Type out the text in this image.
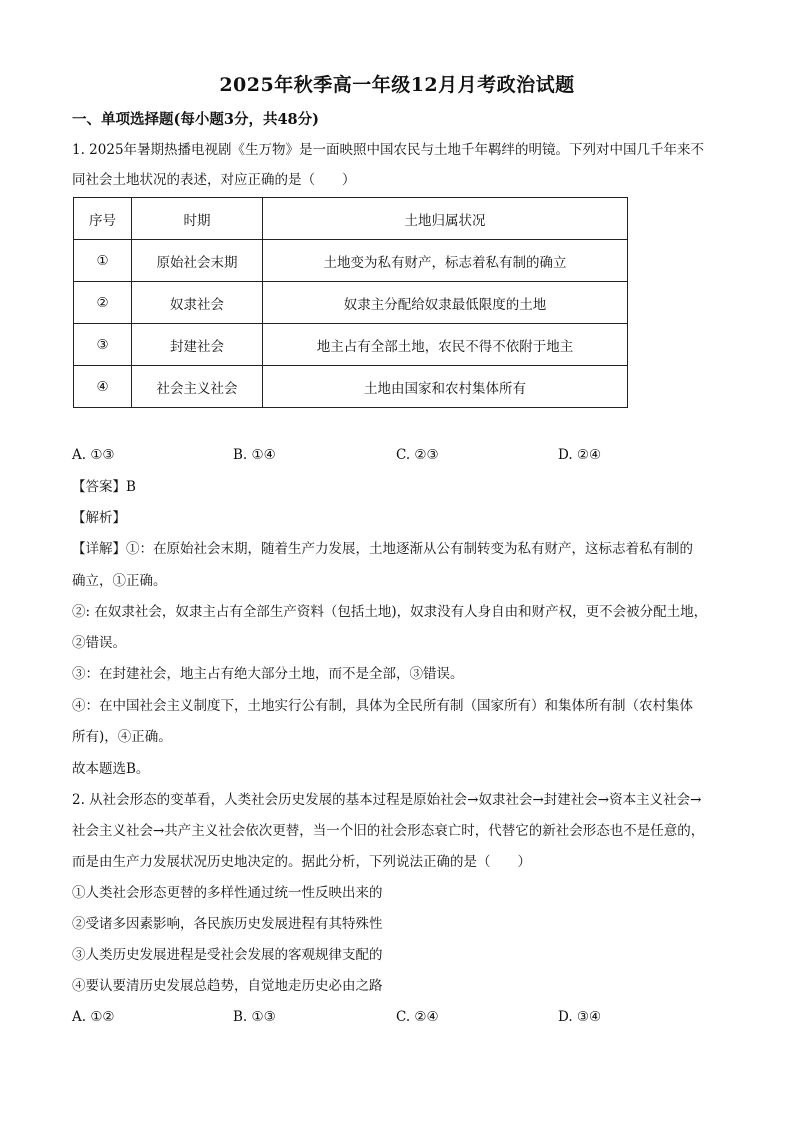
2025年秋季高一年级12月月考政治试题
一、单项选择题(每小题3分，共48分)
1. 2025年暑期热播电视剧《生万物》是一面映照中国农民与土地千年羁绊的明镜。下列对中国几千年来不
同社会土地状况的表述，对应正确的是（　　）
序号	时期	土地归属状况
①	原始社会末期	土地变为私有财产，标志着私有制的确立
②	奴隶社会	奴隶主分配给奴隶最低限度的土地
③	封建社会	地主占有全部土地，农民不得不依附于地主
④	社会主义社会	土地由国家和农村集体所有
A. ①③	B. ①④	C. ②③	D. ②④
【答案】B
【解析】
【详解】①：在原始社会末期，随着生产力发展，土地逐渐从公有制转变为私有财产，这标志着私有制的
确立，①正确。
②: 在奴隶社会，奴隶主占有全部生产资料（包括土地)，奴隶没有人身自由和财产权，更不会被分配土地，
②错误。
③：在封建社会，地主占有绝大部分土地，而不是全部，③错误。
④：在中国社会主义制度下，土地实行公有制，具体为全民所有制（国家所有）和集体所有制（农村集体
所有)，④正确。
故本题选B。
2. 从社会形态的变革看，人类社会历史发展的基本过程是原始社会→奴隶社会→封建社会→资本主义社会→
社会主义社会→共产主义社会依次更替，当一个旧的社会形态衰亡时，代替它的新社会形态也不是任意的，
而是由生产力发展状况历史地决定的。据此分析，下列说法正确的是（　　）
①人类社会形态更替的多样性通过统一性反映出来的
②受诸多因素影响，各民族历史发展进程有其特殊性
③人类历史发展进程是受社会发展的客观规律支配的
④要认要清历史发展总趋势，自觉地走历史必由之路
A. ①②	B. ①③	C. ②④	D. ③④
